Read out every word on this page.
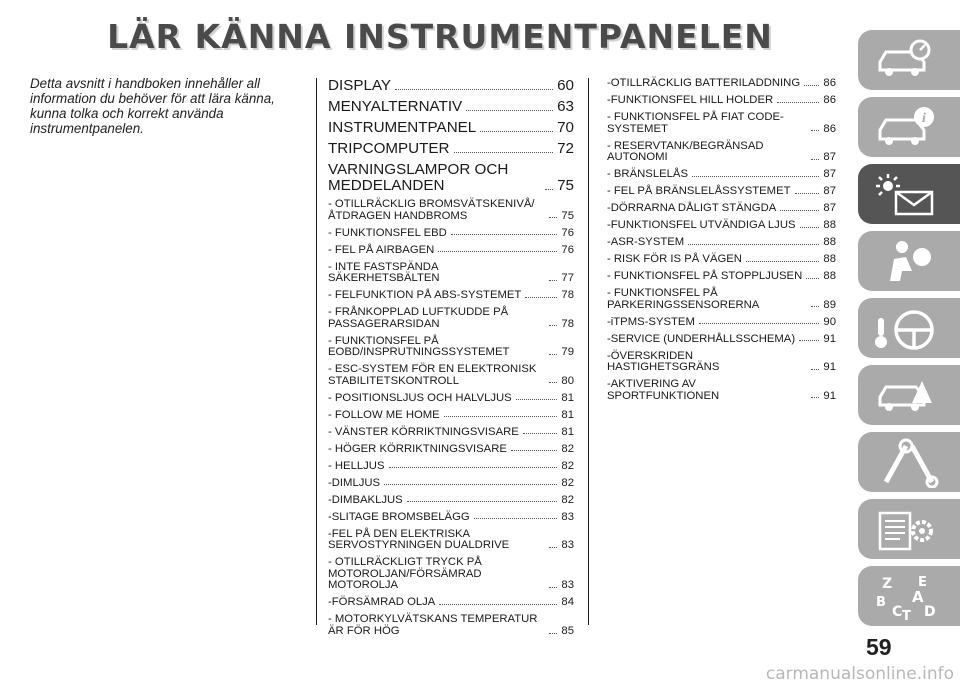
LÄR KÄNNA INSTRUMENTPANELEN

Detta avsnitt i handboken innehåller all information du behöver för att lära känna, kunna tolka och korrekt använda instrumentpanelen.

DISPLAY	60
MENYALTERNATIV	63
INSTRUMENTPANEL	70
TRIPCOMPUTER	72
VARNINGSLAMPOR OCH MEDDELANDEN	75
- OTILLRÄCKLIG BROMSVÄTSKENIVÅ/ÅTDRAGEN HANDBROMS	75
- FUNKTIONSFEL EBD	76
- FEL PÅ AIRBAGEN	76
- INTE FASTSPÄNDA SÄKERHETSBÄLTEN	77
- FELFUNKTION PÅ ABS-SYSTEMET	78
- FRÅNKOPPLAD LUFTKUDDE PÅ PASSAGERARSIDAN	78
- FUNKTIONSFEL PÅ EOBD/INSPRUTNINGSSYSTEMET	79
- ESC-SYSTEM FÖR EN ELEKTRONISK STABILITETSKONTROLL	80
- POSITIONSLJUS OCH HALVLJUS	81
- FOLLOW ME HOME	81
- VÄNSTER KÖRRIKTNINGSVISARE	81
- HÖGER KÖRRIKTNINGSVISARE	82
- HELLJUS	82
-DIMLJUS	82
-DIMBAKLJUS	82
-SLITAGE BROMSBELÄGG	83
-FEL PÅ DEN ELEKTRISKA SERVOSTYRNINGEN DUALDRIVE	83
- OTILLRÄCKLIGT TRYCK PÅ MOTOROLJAN/FÖRSÄMRAD MOTOROLJA	83
-FÖRSÄMRAD OLJA	84
- MOTORKYLVÄTSKANS TEMPERATUR ÄR FÖR HÖG	85
-OTILLRÄCKLIG BATTERILADDNING 86
-FUNKTIONSFEL HILL HOLDER	86
- FUNKTIONSFEL PÅ FIAT CODE-SYSTEMET	86
- RESERVTANK/BEGRÄNSAD AUTONOMI	87
- BRÄNSLELÅS	87
- FEL PÅ BRÄNSLELÅSSYSTEMET	87
-DÖRRARNA DÅLIGT STÄNGDA	87
-FUNKTIONSFEL UTVÄNDIGA LJUS 88
-ASR-SYSTEM	88
- RISK FÖR IS PÅ VÄGEN	88
- FUNKTIONSFEL PÅ STOPPLJUSEN 88
- FUNKTIONSFEL PÅ PARKERINGSSENSORERNA	89
-iTPMS-SYSTEM	90
-SERVICE (UNDERHÅLLSSCHEMA)	91
-ÖVERSKRIDEN HASTIGHETSGRÄNS	91
-AKTIVERING AV SPORTFUNKTIONEN	91
i
Z E
A
B
C T D

59

carmanualsonline.info
